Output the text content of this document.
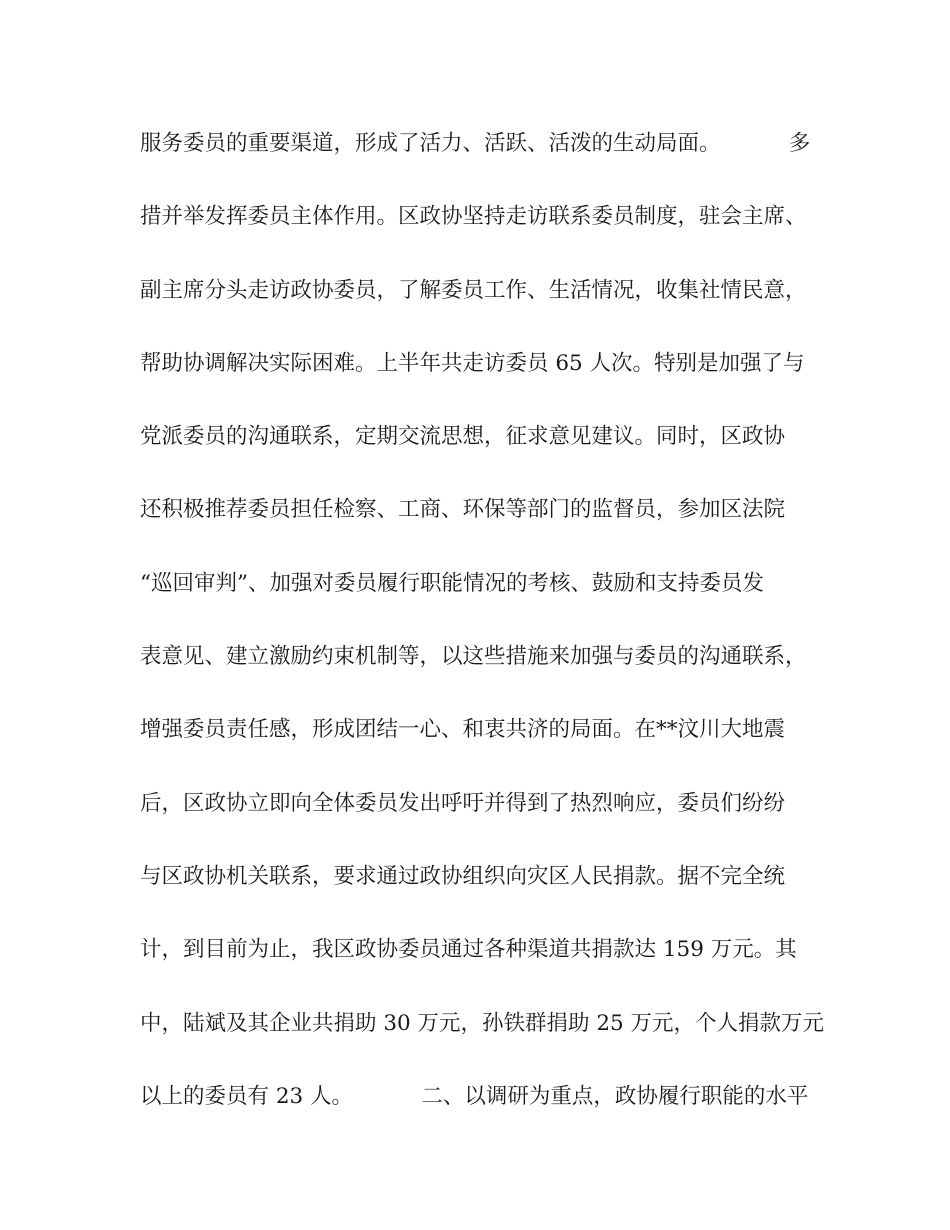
服务委员的重要渠道，形成了活力、活跃、活泼的生动局面。          多
措并举发挥委员主体作用。区政协坚持走访联系委员制度，驻会主席、
副主席分头走访政协委员，了解委员工作、生活情况，收集社情民意，
帮助协调解决实际困难。上半年共走访委员 65 人次。特别是加强了与
党派委员的沟通联系，定期交流思想，征求意见建议。同时，区政协
还积极推荐委员担任检察、工商、环保等部门的监督员，参加区法院
“巡回审判”、加强对委员履行职能情况的考核、鼓励和支持委员发
表意见、建立激励约束机制等，以这些措施来加强与委员的沟通联系，
增强委员责任感，形成团结一心、和衷共济的局面。在**汶川大地震
后，区政协立即向全体委员发出呼吁并得到了热烈响应，委员们纷纷
与区政协机关联系，要求通过政协组织向灾区人民捐款。据不完全统
计，到目前为止，我区政协委员通过各种渠道共捐款达 159 万元。其
中，陆斌及其企业共捐助 30 万元，孙铁群捐助 25 万元，个人捐款万元
以上的委员有 23 人。          二、以调研为重点，政协履行职能的水平
